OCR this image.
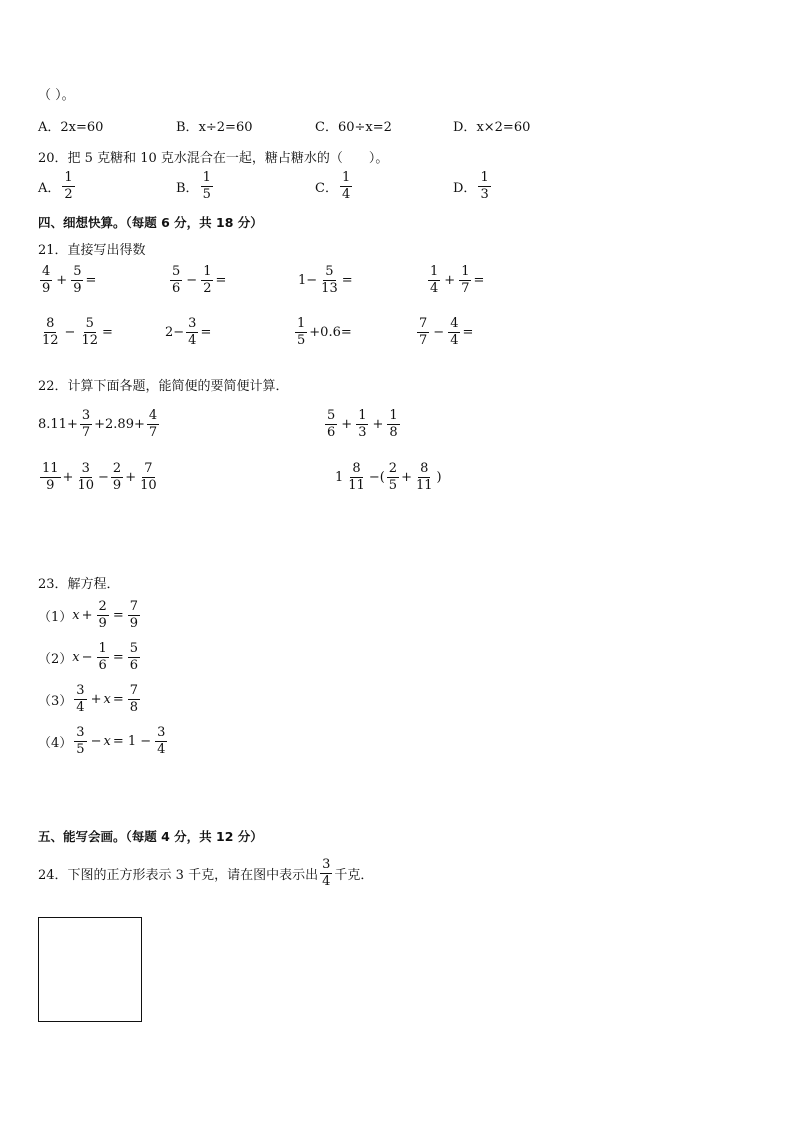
（ ）。
A．2x=60	B．x÷2=60	C．60÷x=2	D．x×2=60
20．把 5 克糖和 10 克水混合在一起，糖占糖水的（　　）。
A． $\frac{1}{2}$	B． $\frac{1}{5}$	C． $\frac{1}{4}$	D． $\frac{1}{3}$
四、细想快算。（每题 6 分，共 18 分）
21．直接写出得数
$\frac{4}{9} + \frac{5}{9}$ =	$\frac{5}{6} - \frac{1}{2}$ =	$1- \frac{5}{13}$ =	$\frac{1}{4} + \frac{1}{7}$ =
$\frac{8}{12} - \frac{5}{12}$ =	$2- \frac{3}{4}$ =	$\frac{1}{5} +0.6=$	$\frac{7}{7} - \frac{4}{4}$ =
22．计算下面各题，能简便的要简便计算．
$8.11+ \frac{3}{7} +2.89+ \frac{4}{7}$	$\frac{5}{6} + \frac{1}{3} + \frac{1}{8}$
$\frac{11}{9} + \frac{3}{10} - \frac{2}{9} + \frac{7}{10}$	$1 \frac{8}{11}$ −( $\frac{2}{5} + \frac{8}{11}$ )
23．解方程．
（1） $x + \frac{2}{9} = \frac{7}{9}$
（2） $x - \frac{1}{6} = \frac{5}{6}$
$(3) \frac{3}{4} + x = \frac{7}{8}$
$(4) \frac{3}{5} - x = 1 - \frac{3}{4}$
五、能写会画。（每题 4 分，共 12 分）
24．下图的正方形表示 3 千克，请在图中表示出 $\frac{3}{4}$ 千克．
